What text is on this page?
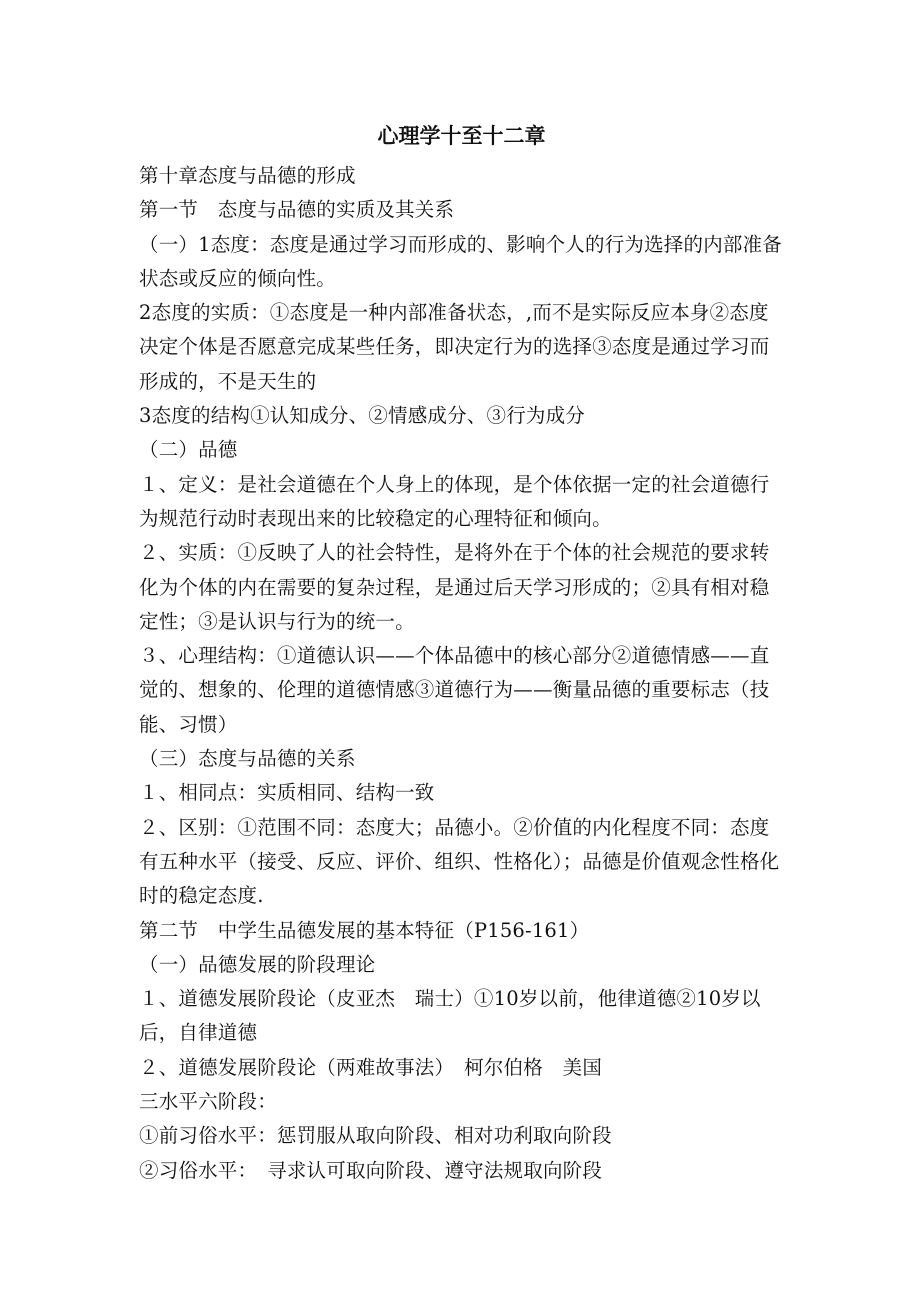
心理学十至十二章

第十章态度与品德的形成

第一节　态度与品德的实质及其关系

（一）1态度：态度是通过学习而形成的、影响个人的行为选择的内部准备状态或反应的倾向性。

2态度的实质：①态度是一种内部准备状态，,而不是实际反应本身②态度决定个体是否愿意完成某些任务，即决定行为的选择③态度是通过学习而形成的，不是天生的

3态度的结构①认知成分、②情感成分、③行为成分

（二）品德

１、定义：是社会道德在个人身上的体现，是个体依据一定的社会道德行为规范行动时表现出来的比较稳定的心理特征和倾向。

２、实质：①反映了人的社会特性，是将外在于个体的社会规范的要求转化为个体的内在需要的复杂过程，是通过后天学习形成的；②具有相对稳定性；③是认识与行为的统一。

３、心理结构：①道德认识——个体品德中的核心部分②道德情感——直觉的、想象的、伦理的道德情感③道德行为——衡量品德的重要标志（技能、习惯）

（三）态度与品德的关系

１、相同点：实质相同、结构一致

２、区别：①范围不同：态度大；品德小。②价值的内化程度不同：态度有五种水平（接受、反应、评价、组织、性格化）；品德是价值观念性格化时的稳定态度.

第二节　中学生品德发展的基本特征（P156-161）

（一）品德发展的阶段理论

１、道德发展阶段论（皮亚杰　瑞士）①10岁以前，他律道德②10岁以后，自律道德

２、道德发展阶段论（两难故事法）　柯尔伯格　美国

三水平六阶段：

①前习俗水平：惩罚服从取向阶段、相对功利取向阶段

②习俗水平：　寻求认可取向阶段、遵守法规取向阶段
